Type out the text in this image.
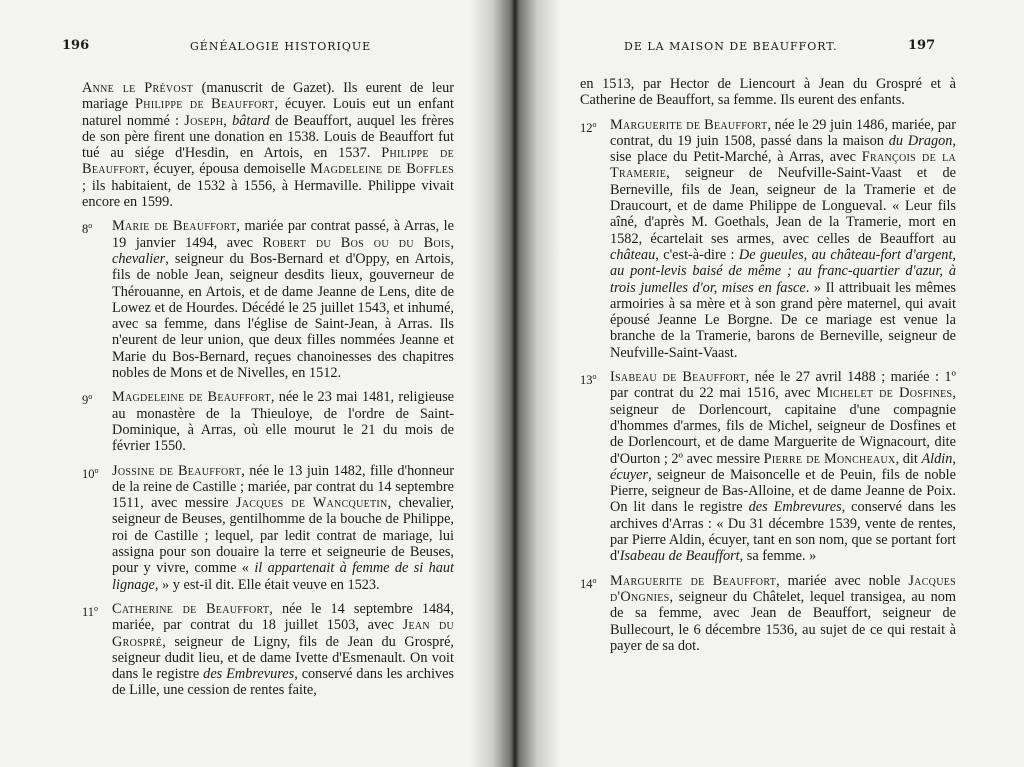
196	GÉNÉALOGIE HISTORIQUE

Anne le Prévost (manuscrit de Gazet). Ils eurent de leur mariage Philippe de Beauffort, écuyer. Louis eut un enfant naturel nommé : Joseph, bâtard de Beauffort, auquel les frères de son père firent une donation en 1538. Louis de Beauffort fut tué au siége d'Hesdin, en Artois, en 1537. Philippe de Beauffort, écuyer, épousa demoiselle Magdeleine de Boffles ; ils habitaient, de 1532 à 1556, à Hermaville. Philippe vivait encore en 1599.

8$^o$ Marie de Beauffort, mariée par contrat passé, à Arras, le 19 janvier 1494, avec Robert du Bos ou du Bois, chevalier, seigneur du Bos-Bernard et d'Oppy, en Artois, fils de noble Jean, seigneur desdits lieux, gouverneur de Thérouanne, en Artois, et de dame Jeanne de Lens, dite de Lowez et de Hourdes. Décédé le 25 juillet 1543, et inhumé, avec sa femme, dans l'église de Saint-Jean, à Arras. Ils n'eurent de leur union, que deux filles nommées Jeanne et Marie du Bos-Bernard, reçues chanoinesses des chapitres nobles de Mons et de Nivelles, en 1512.
9$^o$ Magdeleine de Beauffort, née le 23 mai 1481, religieuse au monastère de la Thieuloye, de l'ordre de Saint-Dominique, à Arras, où elle mourut le 21 du mois de février 1550.
10$^o$ Jossine de Beauffort, née le 13 juin 1482, fille d'honneur de la reine de Castille ; mariée, par contrat du 14 septembre 1511, avec messire Jacques de Wancquetin, chevalier, seigneur de Beuses, gentilhomme de la bouche de Philippe, roi de Castille ; lequel, par ledit contrat de mariage, lui assigna pour son douaire la terre et seigneurie de Beuses, pour y vivre, comme « il appartenait à femme de si haut lignage, » y est-il dit. Elle était veuve en 1523.
11$^o$ Catherine de Beauffort, née le 14 septembre 1484, mariée, par contrat du 18 juillet 1503, avec Jean du Grospré, seigneur de Ligny, fils de Jean du Grospré, seigneur dudit lieu, et de dame Ivette d'Esmenault. On voit dans le registre des Embrevures, conservé dans les archives de Lille, une cession de rentes faite,
DE LA MAISON DE BEAUFFORT.	197

en 1513, par Hector de Liencourt à Jean du Grospré et à Catherine de Beauffort, sa femme. Ils eurent des enfants.

12$^o$ Marguerite de Beauffort, née le 29 juin 1486, mariée, par contrat, du 19 juin 1508, passé dans la maison du Dragon, sise place du Petit-Marché, à Arras, avec François de la Tramerie, seigneur de Neufville-Saint-Vaast et de Berneville, fils de Jean, seigneur de la Tramerie et de Draucourt, et de dame Philippe de Longueval. « Leur fils aîné, d'après M. Goethals, Jean de la Tramerie, mort en 1582, écartelait ses armes, avec celles de Beauffort au château, c'est-à-dire : De gueules, au château-fort d'argent, au pont-levis baisé de même ; au franc-quartier d'azur, à trois jumelles d'or, mises en fasce. » Il attribuait les mêmes armoiries à sa mère et à son grand père maternel, qui avait épousé Jeanne Le Borgne. De ce mariage est venue la branche de la Tramerie, barons de Berneville, seigneur de Neufville-Saint-Vaast.
13$^o$ Isabeau de Beauffort, née le 27 avril 1488 ; mariée : 1º par contrat du 22 mai 1516, avec Michelet de Dosfines, seigneur de Dorlencourt, capitaine d'une compagnie d'hommes d'armes, fils de Michel, seigneur de Dosfines et de Dorlencourt, et de dame Marguerite de Wignacourt, dite d'Ourton ; 2º avec messire Pierre de Moncheaux, dit Aldin, écuyer, seigneur de Maisoncelle et de Peuin, fils de noble Pierre, seigneur de Bas-Alloine, et de dame Jeanne de Poix. On lit dans le registre des Embrevures, conservé dans les archives d'Arras : « Du 31 décembre 1539, vente de rentes, par Pierre Aldin, écuyer, tant en son nom, que se portant fort d'Isabeau de Beauffort, sa femme. »
14$^o$ Marguerite de Beauffort, mariée avec noble Jacques d'Ongnies, seigneur du Châtelet, lequel transigea, au nom de sa femme, avec Jean de Beauffort, seigneur de Bullecourt, le 6 décembre 1536, au sujet de ce qui restait à payer de sa dot.
